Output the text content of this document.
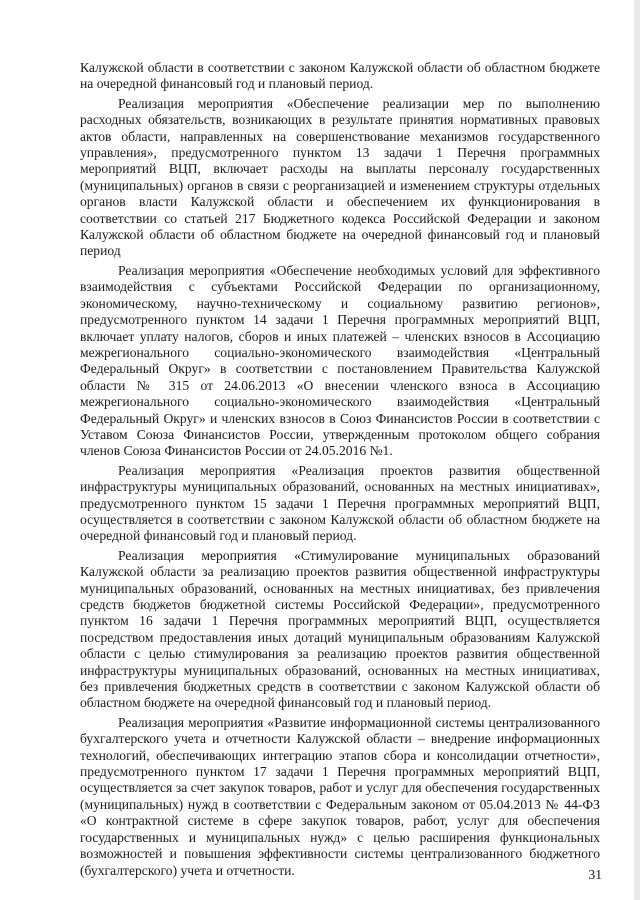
Калужской области в соответствии с законом Калужской области об областном бюджете на очередной финансовый год и плановый период.

Реализация мероприятия «Обеспечение реализации мер по выполнению расходных обязательств, возникающих в результате принятия нормативных правовых актов области, направленных на совершенствование механизмов государственного управления», предусмотренного пунктом 13 задачи 1 Перечня программных мероприятий ВЦП, включает расходы на выплаты персоналу государственных (муниципальных) органов в связи с реорганизацией и изменением структуры отдельных органов власти Калужской области и обеспечением их функционирования в соответствии со статьей 217 Бюджетного кодекса Российской Федерации и законом Калужской области об областном бюджете на очередной финансовый год и плановый период

Реализация мероприятия «Обеспечение необходимых условий для эффективного взаимодействия с субъектами Российской Федерации по организационному, экономическому, научно-техническому и социальному развитию регионов», предусмотренного пунктом 14 задачи 1 Перечня программных мероприятий ВЦП, включает уплату налогов, сборов и иных платежей – членских взносов в Ассоциацию межрегионального социально-экономического взаимодействия «Центральный Федеральный Округ» в соответствии с постановлением Правительства Калужской области № 315 от 24.06.2013 «О внесении членского взноса в Ассоциацию межрегионального социально-экономического взаимодействия «Центральный Федеральный Округ» и членских взносов в Союз Финансистов России в соответствии с Уставом Союза Финансистов России, утвержденным протоколом общего собрания членов Союза Финансистов России от 24.05.2016 №1.

Реализация мероприятия «Реализация проектов развития общественной инфраструктуры муниципальных образований, основанных на местных инициативах», предусмотренного пунктом 15 задачи 1 Перечня программных мероприятий ВЦП, осуществляется в соответствии с законом Калужской области об областном бюджете на очередной финансовый год и плановый период.

Реализация мероприятия «Стимулирование муниципальных образований Калужской области за реализацию проектов развития общественной инфраструктуры муниципальных образований, основанных на местных инициативах, без привлечения средств бюджетов бюджетной системы Российской Федерации», предусмотренного пунктом 16 задачи 1 Перечня программных мероприятий ВЦП, осуществляется посредством предоставления иных дотаций муниципальным образованиям Калужской области с целью стимулирования за реализацию проектов развития общественной инфраструктуры муниципальных образований, основанных на местных инициативах, без привлечения бюджетных средств в соответствии с законом Калужской области об областном бюджете на очередной финансовый год и плановый период.

Реализация мероприятия «Развитие информационной системы централизованного бухгалтерского учета и отчетности Калужской области – внедрение информационных технологий, обеспечивающих интеграцию этапов сбора и консолидации отчетности», предусмотренного пунктом 17 задачи 1 Перечня программных мероприятий ВЦП, осуществляется за счет закупок товаров, работ и услуг для обеспечения государственных (муниципальных) нужд в соответствии с Федеральным законом от 05.04.2013 № 44-ФЗ «О контрактной системе в сфере закупок товаров, работ, услуг для обеспечения государственных и муниципальных нужд» с целью расширения функциональных возможностей и повышения эффективности системы централизованного бюджетного (бухгалтерского) учета и отчетности.	31
